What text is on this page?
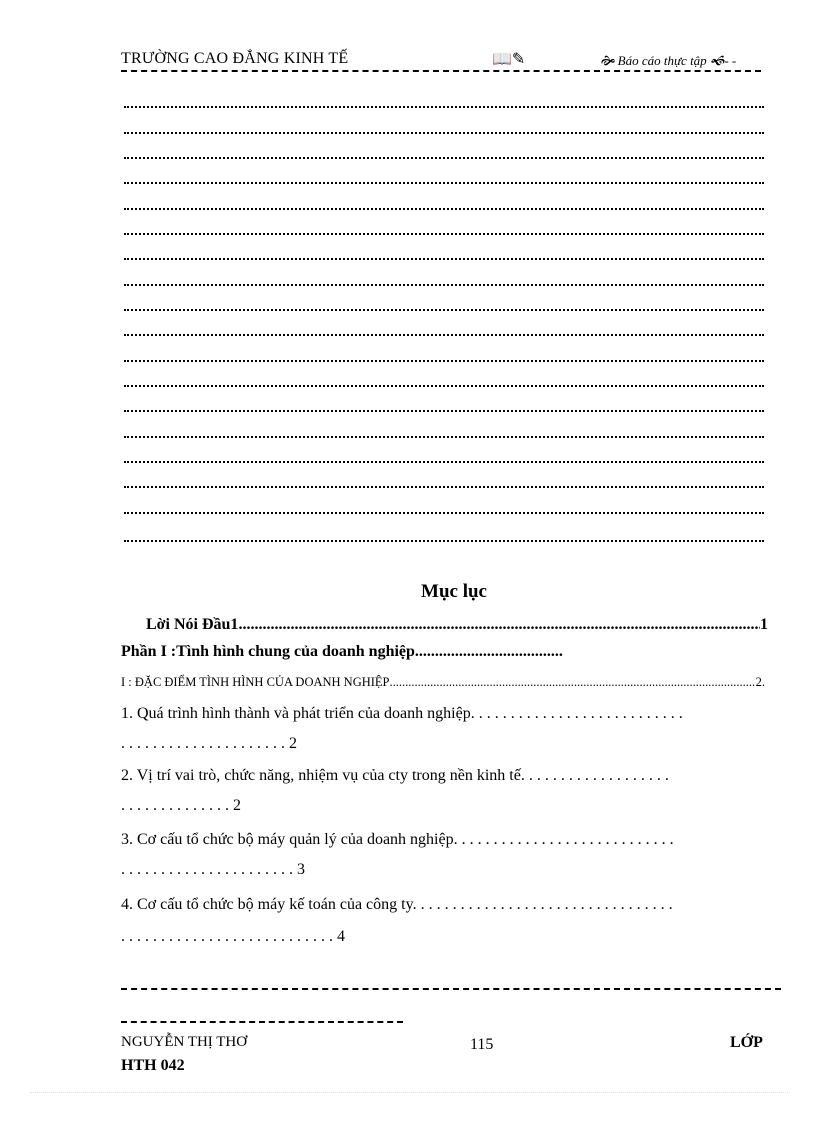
TRƯỜNG CAO ĐẲNG KINH TẾ	📖✎	🙞 Báo cáo thực tập 🙜- -
Mục lục
Lời Nói Đầu1 .....	1
Phần I :Tình hình chung của doanh nghiệp.....................................
I : ĐẶC ĐIỂM TÌNH HÌNH CỦA DOANH NGHIỆP .....	2.
1. Quá trình hình thành và phát triển của doanh nghiệp. . . . . . . . . . . . . . . . . . . . . . . . . . .
. . . . . . . . . . . . . . . . . . . . . 2
2. Vị trí vai trò, chức năng, nhiệm vụ của cty trong nền kinh tế. . . . . . . . . . . . . . . . . . .
. . . . . . . . . . . . . . 2
3. Cơ cấu tổ chức bộ máy quản lý của doanh nghiệp. . . . . . . . . . . . . . . . . . . . . . . . . . . .
. . . . . . . . . . . . . . . . . . . . . . 3
4. Cơ cấu tổ chức bộ máy kế toán của công ty. . . . . . . . . . . . . . . . . . . . . . . . . . . . . . . . .
. . . . . . . . . . . . . . . . . . . . . . . . . . . 4
NGUYỄN THỊ THƠ	115	LỚP
HTH 042
